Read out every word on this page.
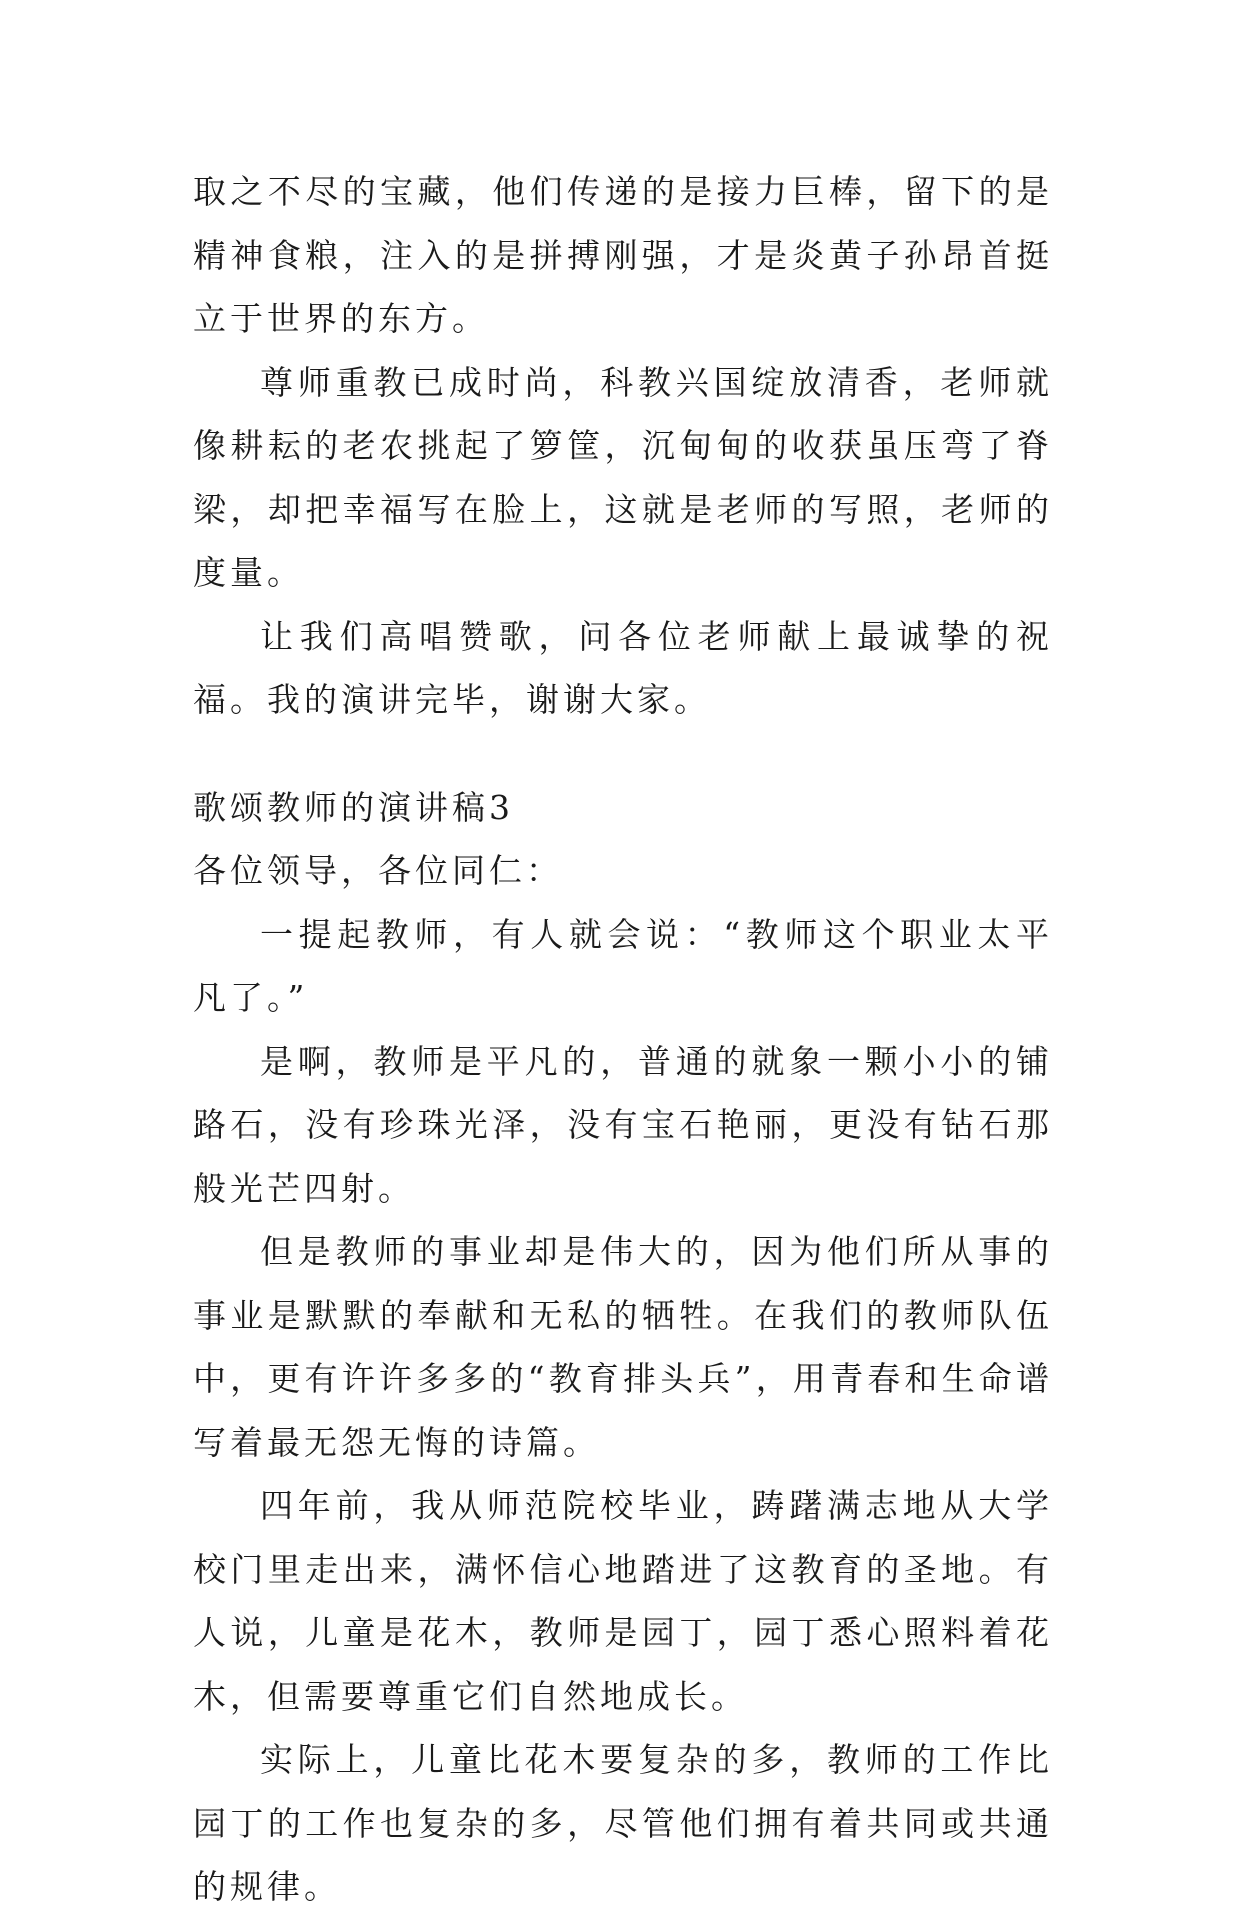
取之不尽的宝藏，他们传递的是接力巨棒，留下的是精神食粮，注入的是拼搏刚强，才是炎黄子孙昂首挺立于世界的东方。

尊师重教已成时尚，科教兴国绽放清香，老师就像耕耘的老农挑起了箩筐，沉甸甸的收获虽压弯了脊梁，却把幸福写在脸上，这就是老师的写照，老师的度量。

让我们高唱赞歌，问各位老师献上最诚挚的祝福。我的演讲完毕，谢谢大家。

歌颂教师的演讲稿3

各位领导，各位同仁：

一提起教师，有人就会说：“教师这个职业太平凡了。”

是啊，教师是平凡的，普通的就象一颗小小的铺路石，没有珍珠光泽，没有宝石艳丽，更没有钻石那般光芒四射。

但是教师的事业却是伟大的，因为他们所从事的事业是默默的奉献和无私的牺牲。在我们的教师队伍中，更有许许多多的“教育排头兵”，用青春和生命谱写着最无怨无悔的诗篇。

四年前，我从师范院校毕业，踌躇满志地从大学校门里走出来，满怀信心地踏进了这教育的圣地。有人说，儿童是花木，教师是园丁，园丁悉心照料着花木，但需要尊重它们自然地成长。

实际上，儿童比花木要复杂的多，教师的工作比园丁的工作也复杂的多，尽管他们拥有着共同或共通的规律。
